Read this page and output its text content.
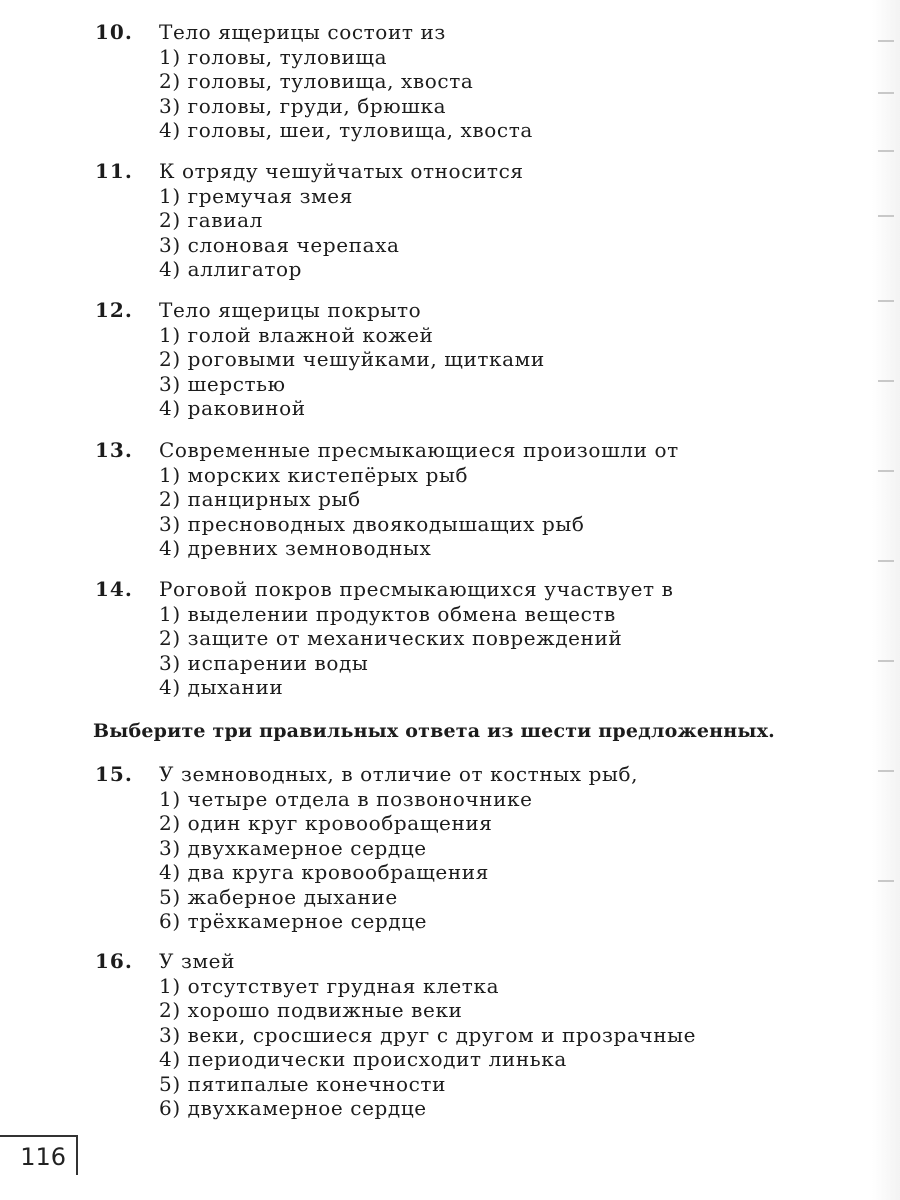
10.	Тело ящерицы состоит из
1) головы, туловища
2) головы, туловища, хвоста
3) головы, груди, брюшка
4) головы, шеи, туловища, хвоста
11.	К отряду чешуйчатых относится
1) гремучая змея
2) гавиал
3) слоновая черепаха
4) аллигатор
12.	Тело ящерицы покрыто
1) голой влажной кожей
2) роговыми чешуйками, щитками
3) шерстью
4) раковиной
13.	Современные пресмыкающиеся произошли от
1) морских кистепёрых рыб
2) панцирных рыб
3) пресноводных двоякодышащих рыб
4) древних земноводных
14.	Роговой покров пресмыкающихся участвует в
1) выделении продуктов обмена веществ
2) защите от механических повреждений
3) испарении воды
4) дыхании
Выберите три правильных ответа из шести предложенных.
15.	У земноводных, в отличие от костных рыб,
1) четыре отдела в позвоночнике
2) один круг кровообращения
3) двухкамерное сердце
4) два круга кровообращения
5) жаберное дыхание
6) трёхкамерное сердце
16.	У змей
1) отсутствует грудная клетка
2) хорошо подвижные веки
3) веки, сросшиеся друг с другом и прозрачные
4) периодически происходит линька
5) пятипалые конечности
6) двухкамерное сердце
116
